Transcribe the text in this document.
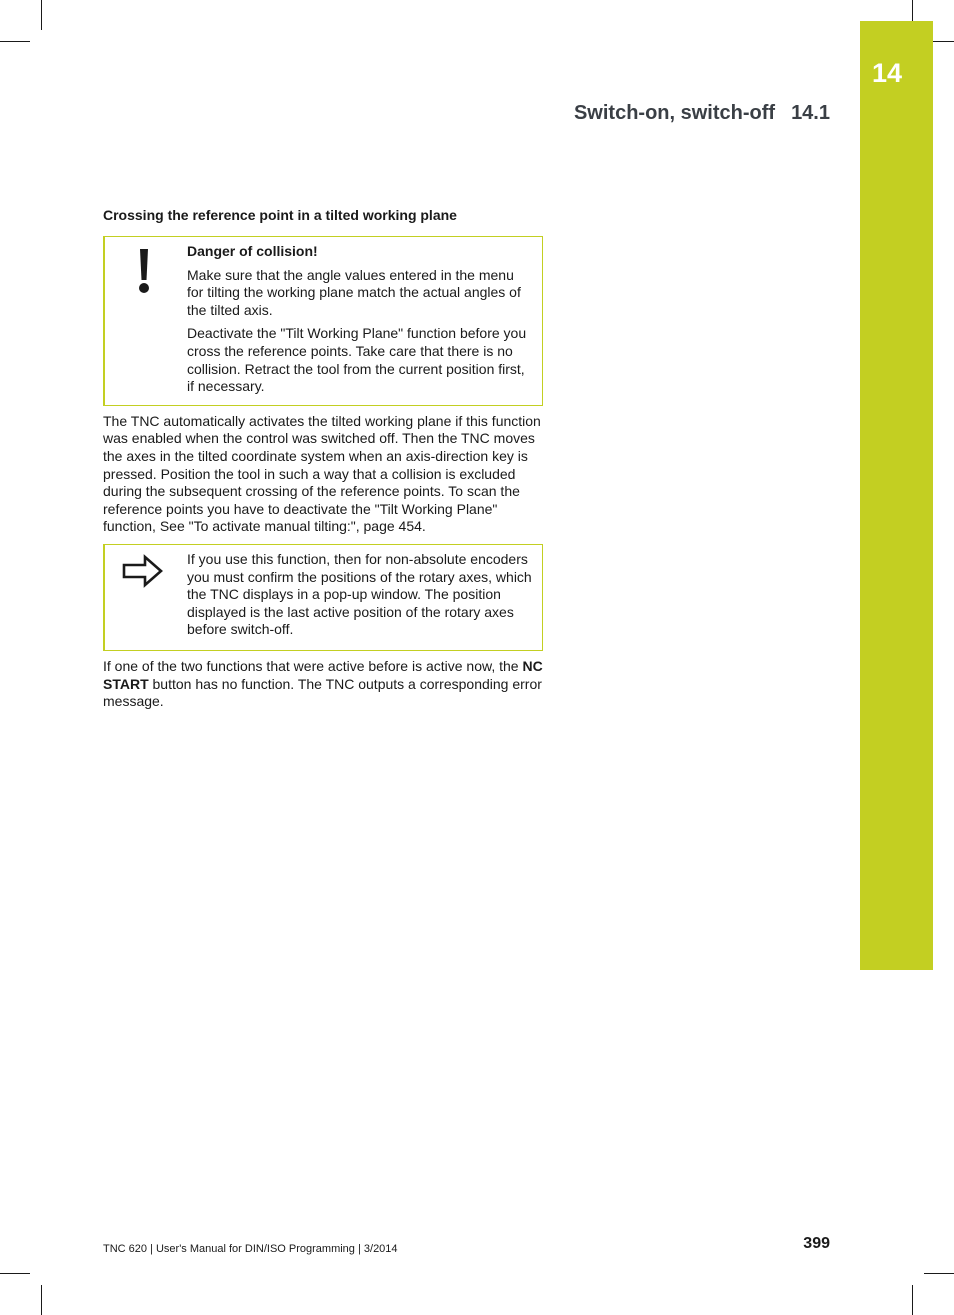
14
Switch-on, switch-off 14.1
Crossing the reference point in a tilted working plane

Danger of collision!

Make sure that the angle values entered in the menu for tilting the working plane match the actual angles of the tilted axis.

Deactivate the "Tilt Working Plane" function before you cross the reference points. Take care that there is no collision. Retract the tool from the current position first, if necessary.

The TNC automatically activates the tilted working plane if this function was enabled when the control was switched off. Then the TNC moves the axes in the tilted coordinate system when an axis-direction key is pressed. Position the tool in such a way that a collision is excluded during the subsequent crossing of the reference points. To scan the reference points you have to deactivate the "Tilt Working Plane" function, See "To activate manual tilting:", page 454.

If you use this function, then for non-absolute encoders you must confirm the positions of the rotary axes, which the TNC displays in a pop-up window. The position displayed is the last active position of the rotary axes before switch-off.

If one of the two functions that were active before is active now, the NC START button has no function. The TNC outputs a corresponding error message.

TNC 620 | User's Manual for DIN/ISO Programming | 3/2014	399
